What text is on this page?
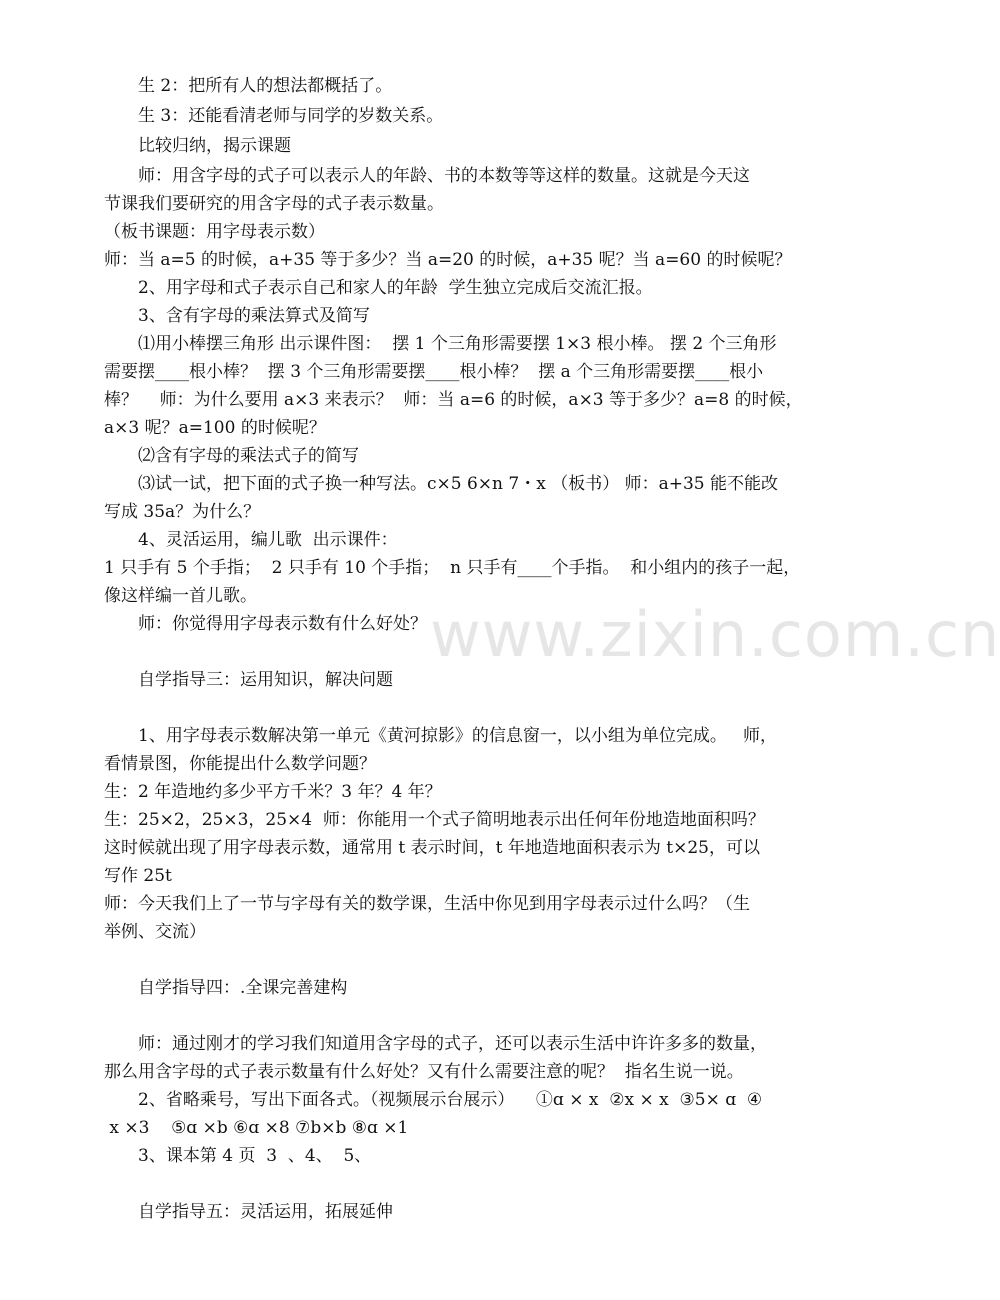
www.zixin.com.cn

生 2：把所有人的想法都概括了。

生 3：还能看清老师与同学的岁数关系。

比较归纳，揭示课题

师：用含字母的式子可以表示人的年龄、书的本数等等这样的数量。这就是今天这

节课我们要研究的用含字母的式子表示数量。

（板书课题：用字母表示数）

师：当 a=5 的时候，a+35 等于多少？当 a=20 的时候，a+35 呢？当 a=60 的时候呢？

2、用字母和式子表示自己和家人的年龄  学生独立完成后交流汇报。

3、含有字母的乘法算式及简写

⑴用小棒摆三角形 出示课件图：  摆 1 个三角形需要摆 1×3 根小棒。 摆 2 个三角形

需要摆____根小棒？  摆 3 个三角形需要摆____根小棒？  摆 a 个三角形需要摆____根小

棒？    师：为什么要用 a×3 来表示？  师：当 a=6 的时候，a×3 等于多少？a=8 的时候，

a×3 呢？a=100 的时候呢？

⑵含有字母的乘法式子的简写

⑶试一试，把下面的式子换一种写法。c×5 6×n 7・x （板书） 师：a+35 能不能改

写成 35a？为什么？

4、灵活运用，编儿歌  出示课件：

1 只手有 5 个手指；  2 只手有 10 个手指；  n 只手有____个手指。  和小组内的孩子一起，

像这样编一首儿歌。

师：你觉得用字母表示数有什么好处？

自学指导三：运用知识，解决问题

1、用字母表示数解决第一单元《黄河掠影》的信息窗一，以小组为单位完成。   师，

看情景图，你能提出什么数学问题？

生：2 年造地约多少平方千米？3 年？4 年？

生：25×2，25×3，25×4  师：你能用一个式子简明地表示出任何年份地造地面积吗？

这时候就出现了用字母表示数，通常用 t 表示时间，t 年地造地面积表示为 t×25，可以

写作 25t

师：今天我们上了一节与字母有关的数学课，生活中你见到用字母表示过什么吗？（生

举例、交流）

自学指导四：.全课完善建构

师：通过刚才的学习我们知道用含字母的式子，还可以表示生活中许许多多的数量，

那么用含字母的式子表示数量有什么好处？又有什么需要注意的呢？  指名生说一说。

2、省略乘号，写出下面各式。（视频展示台展示）    ①ɑ × x  ②x × x  ③5× ɑ  ④

x ×3    ⑤ɑ ×b ⑥ɑ ×8 ⑦b×b ⑧ɑ ×1

3、课本第 4 页  3  、4、  5、

自学指导五：灵活运用，拓展延伸
